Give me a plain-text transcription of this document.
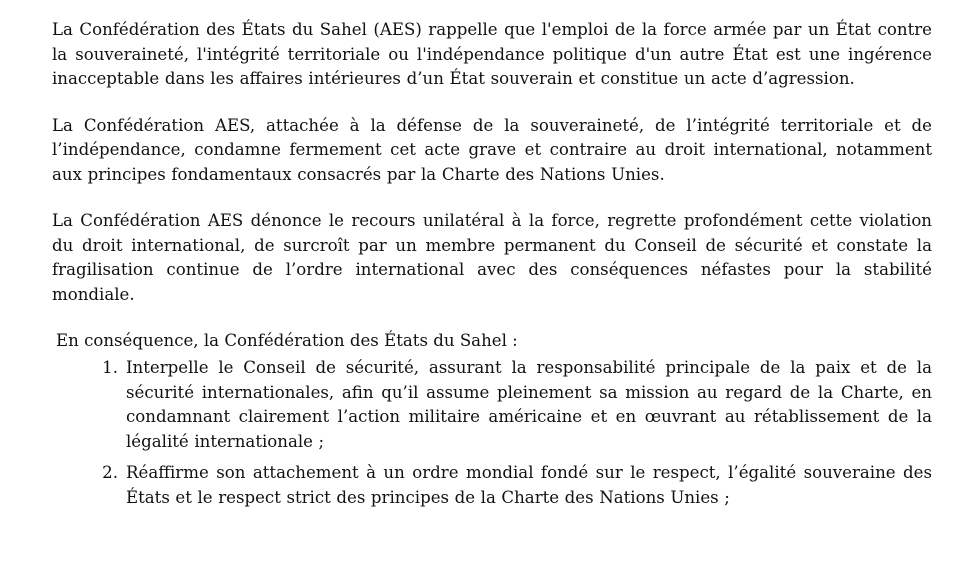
La Confédération des États du Sahel (AES) rappelle que l'emploi de la force armée par un État contre la souveraineté, l'intégrité territoriale ou l'indépendance politique d'un autre État est une ingérence inacceptable dans les affaires intérieures d’un État souverain et constitue un acte d’agression.

La Confédération AES, attachée à la défense de la souveraineté, de l’intégrité territoriale et de l’indépendance, condamne fermement cet acte grave et contraire au droit international, notamment aux principes fondamentaux consacrés par la Charte des Nations Unies.

La Confédération AES dénonce le recours unilatéral à la force, regrette profondément cette violation du droit international, de surcroît par un membre permanent du Conseil de sécurité et constate la fragilisation continue de l’ordre international avec des conséquences néfastes pour la stabilité mondiale.

En conséquence, la Confédération des États du Sahel :

Interpelle le Conseil de sécurité, assurant la responsabilité principale de la paix et de la sécurité internationales, afin qu’il assume pleinement sa mission au regard de la Charte, en condamnant clairement l’action militaire américaine et en œuvrant au rétablissement de la légalité internationale ;
Réaffirme son attachement à un ordre mondial fondé sur le respect, l’égalité souveraine des États et le respect strict des principes de la Charte des Nations Unies ;
